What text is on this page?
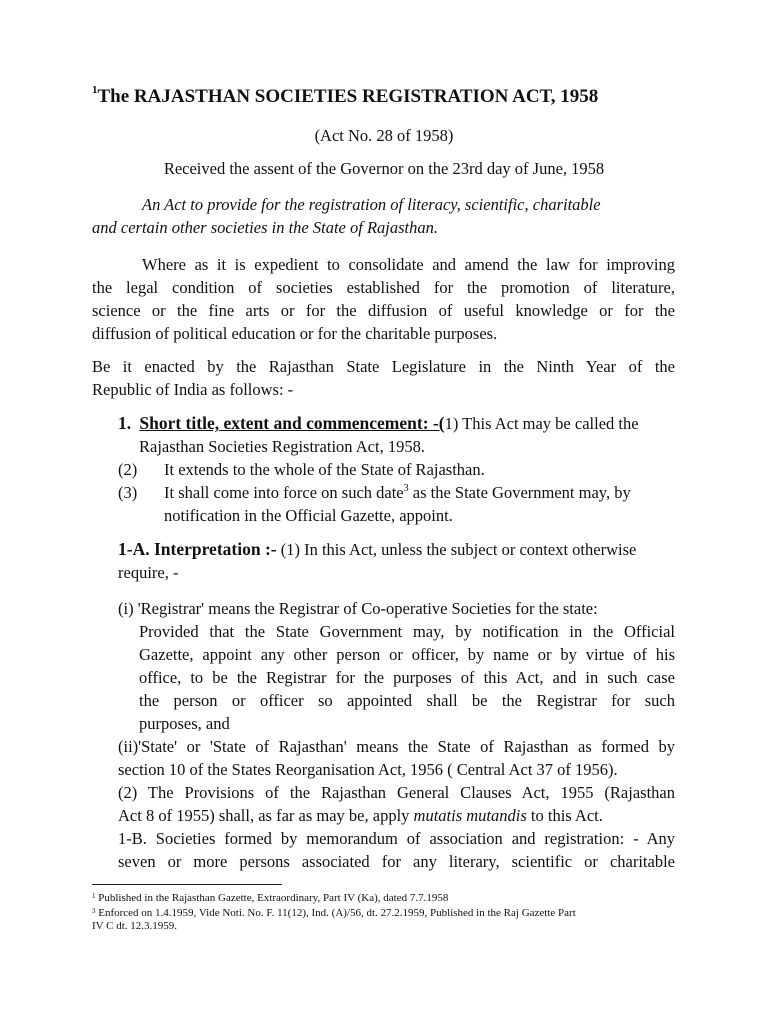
$^1$The RAJASTHAN SOCIETIES REGISTRATION ACT, 1958
(Act No. 28 of 1958)
Received the assent of the Governor on the 23rd day of June, 1958
An Act to provide for the registration of literacy, scientific, charitable
and certain other societies in the State of Rajasthan.
Where as it is expedient to consolidate and amend the law for improving
the legal condition of societies established for the promotion of literature,
science or the fine arts or for the diffusion of useful knowledge or for the
diffusion of political education or for the charitable purposes.
Be it enacted by the Rajasthan State Legislature in the Ninth Year of the
Republic of India as follows: -
1. Short title, extent and commencement: -(1) This Act may be called the
Rajasthan Societies Registration Act, 1958.
(2) It extends to the whole of the State of Rajasthan.
(3) It shall come into force on such date$^3$ as the State Government may, by
notification in the Official Gazette, appoint.
1-A. Interpretation :- (1) In this Act, unless the subject or context otherwise
require, -
(i) 'Registrar' means the Registrar of Co-operative Societies for the state:
Provided that the State Government may, by notification in the Official
Gazette, appoint any other person or officer, by name or by virtue of his
office, to be the Registrar for the purposes of this Act, and in such case
the person or officer so appointed shall be the Registrar for such
purposes, and
(ii)'State' or 'State of Rajasthan' means the State of Rajasthan as formed by
section 10 of the States Reorganisation Act, 1956 ( Central Act 37 of 1956).
(2) The Provisions of the Rajasthan General Clauses Act, 1955 (Rajasthan
Act 8 of 1955) shall, as far as may be, apply mutatis mutandis to this Act.
1-B. Societies formed by memorandum of association and registration: - Any
seven or more persons associated for any literary, scientific or charitable
$^1$ Published in the Rajasthan Gazette, Extraordinary, Part IV (Ka), dated 7.7.1958
$^3$ Enforced on 1.4.1959, Vide Noti. No. F. 11(12), Ind. (A)/56, dt. 27.2.1959, Published in the Raj Gazette Part
IV C dt. 12.3.1959.
